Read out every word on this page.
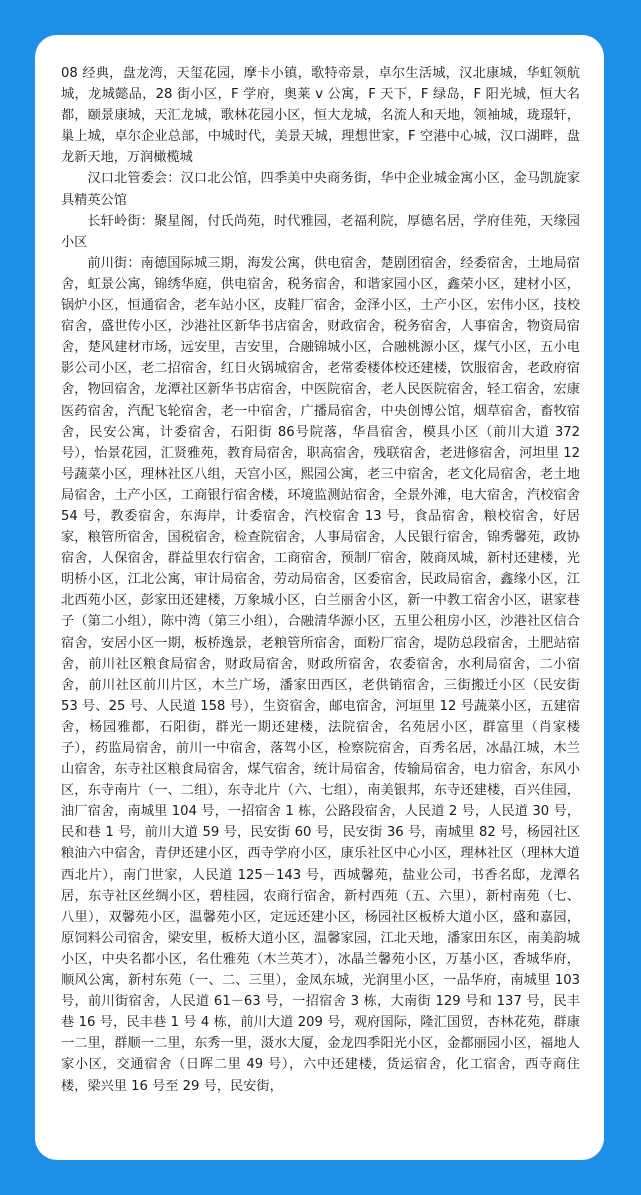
08 经典，盘龙湾，天玺花园，摩卡小镇，歌特帝景，卓尔生活城，汉北康城，华虹领航城，龙城懿品，28 街小区，F 学府，奥莱 v 公寓，F 天下，F 绿岛，F 阳光城，恒大名都，颐景康城，天汇龙城，歌林花园小区，恒大龙城，名流人和天地，领袖城，珑璟轩，巢上城，卓尔企业总部，中城时代，美景天城，理想世家，F 空港中心城，汉口湖畔，盘龙新天地，万润橄榄城

汉口北管委会：汉口北公馆，四季美中央商务街，华中企业城金寓小区，金马凯旋家具精英公馆

长轩岭街：聚星阁，付氏尚苑，时代雅园，老福利院，厚德名居，学府佳苑，天缘园小区

前川街：南德国际城三期，海发公寓，供电宿舍，楚剧团宿舍，经委宿舍，土地局宿舍，虹景公寓，锦绣华庭，供电宿舍，税务宿舍，和谐家园小区，鑫荣小区，建材小区，锅炉小区，恒通宿舍，老车站小区，皮鞋厂宿舍，金泽小区，土产小区，宏伟小区，技校宿舍，盛世传小区，沙港社区新华书店宿舍，财政宿舍，税务宿舍，人事宿舍，物资局宿舍，楚风建材市场，远安里，吉安里，合融锦城小区，合融桃源小区，煤气小区，五小电影公司小区，老二招宿舍，红日火锅城宿舍，老常委楼体校还建楼，饮服宿舍，老政府宿舍，物回宿舍，龙潭社区新华书店宿舍，中医院宿舍，老人民医院宿舍，轻工宿舍，宏康医药宿舍，汽配飞轮宿舍，老一中宿舍，广播局宿舍，中央创博公馆，烟草宿舍，畜牧宿舍，民安公寓，计委宿舍，石阳街 86号院落，华昌宿舍，模具小区（前川大道 372 号），怡景花园，汇贤雅苑，教育局宿舍，职高宿舍，残联宿舍，老进修宿舍，河坦里 12 号蔬菜小区，理林社区八组，天宫小区，熙园公寓，老三中宿舍，老文化局宿舍，老土地局宿舍，土产小区，工商银行宿舍楼，环境监测站宿舍，全景外滩，电大宿舍，汽校宿舍 54 号，教委宿舍，东海岸，计委宿舍，汽校宿舍 13 号，食品宿舍，粮校宿舍，好居家，粮管所宿舍，国税宿舍，检查院宿舍，人事局宿舍，人民银行宿舍，锦秀馨苑，政协宿舍，人保宿舍，群益里农行宿舍，工商宿舍，预制厂宿舍，陂商凤城，新村还建楼，光明桥小区，江北公寓，审计局宿舍，劳动局宿舍，区委宿舍，民政局宿舍，鑫缘小区，江北西苑小区，彭家田还建楼，万象城小区，白兰丽舍小区，新一中教工宿舍小区，谌家巷子（第二小组），陈中湾（第三小组），合融清华源小区，五里公租房小区，沙港社区信合宿舍，安居小区一期，板桥逸景，老粮管所宿舍，面粉厂宿舍，堤防总段宿舍，土肥站宿舍，前川社区粮食局宿舍，财政局宿舍，财政所宿舍，农委宿舍，水利局宿舍，二小宿舍，前川社区前川片区，木兰广场，潘家田西区，老供销宿舍，三街搬迁小区（民安街 53 号、25 号、人民道 158 号），生资宿舍，邮电宿舍，河垣里 12 号蔬菜小区，五建宿舍，杨园雅都，石阳街，群光一期还建楼，法院宿舍，名苑居小区，群富里（肖家楼子），药监局宿舍，前川一中宿舍，落驾小区，检察院宿舍，百秀名居，冰晶江城，木兰山宿舍，东寺社区粮食局宿舍，煤气宿舍，统计局宿舍，传输局宿舍，电力宿舍，东风小区，东寺南片（一、二组），东寺北片（六、七组），南美银邦，东寺还建楼，百兴佳园，油厂宿舍，南城里 104 号，一招宿舍 1 栋，公路段宿舍，人民道 2 号，人民道 30 号，民和巷 1 号，前川大道 59 号，民安街 60 号，民安街 36 号，南城里 82 号，杨园社区粮油六中宿舍，青伊还建小区，西寺学府小区，康乐社区中心小区，理林社区（理林大道西北片），南门世家，人民道 125－143 号，西城馨苑，盐业公司，书香名邸，龙潭名居，东寺社区丝绸小区，碧桂园，农商行宿舍，新村西苑（五、六里），新村南苑（七、八里），双馨苑小区，温馨苑小区，定远还建小区，杨园社区板桥大道小区，盛和嘉园，原饲料公司宿舍，梁安里，板桥大道小区，温馨家园，江北天地，潘家田东区，南美韵城小区，中央名都小区，名仕雅苑（木兰英才），冰晶兰馨苑小区，万基小区，香城华府，顺风公寓，新村东苑（一、二、三里），金凤东城，光润里小区，一品华府，南城里 103 号，前川街宿舍，人民道 61－63 号，一招宿舍 3 栋，大南街 129 号和 137 号，民丰巷 16 号，民丰巷 1 号 4 栋，前川大道 209 号，观府国际，隆汇国贸，杏林花苑，群康一二里，群顺一二里，东秀一里，滠水大厦，金龙四季阳光小区，金都丽园小区，福地人家小区，交通宿舍（日晖二里 49 号），六中还建楼，货运宿舍，化工宿舍，西寺商住楼，梁兴里 16 号至 29 号，民安街，
